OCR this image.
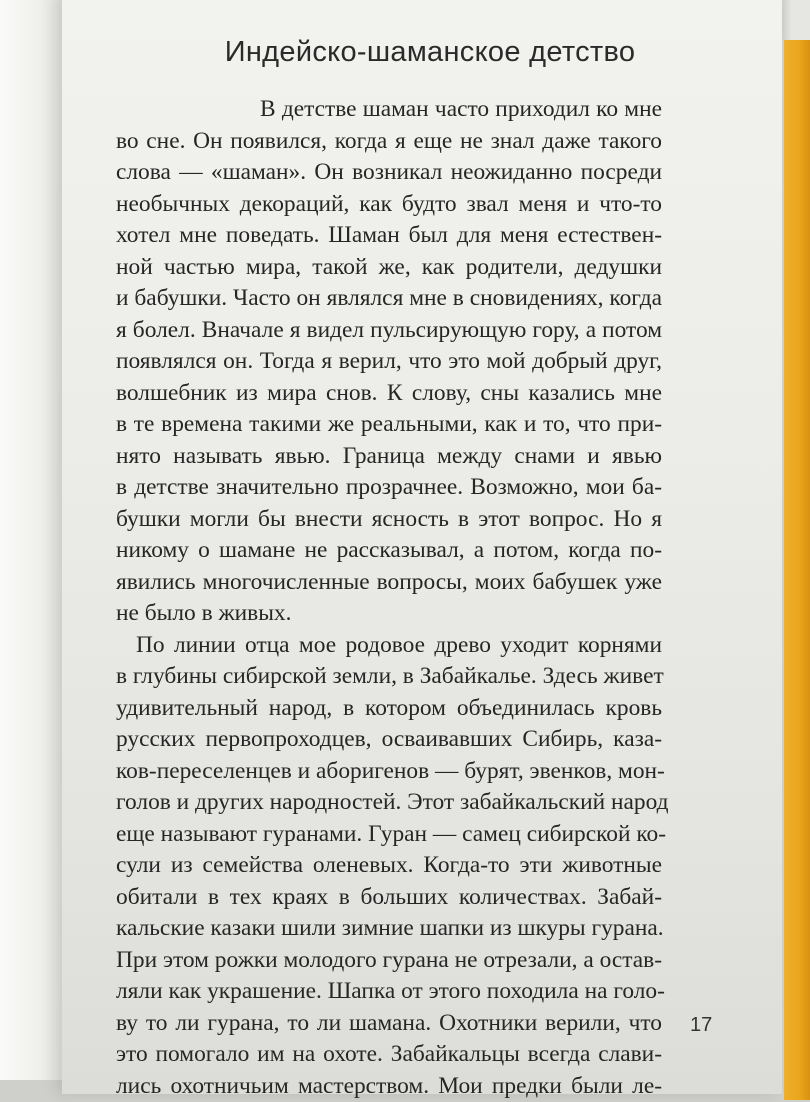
Индейско-шаманское детство
В детстве шаман часто приходил ко мне
во сне. Он появился, когда я еще не знал даже такого
слова — «шаман». Он возникал неожиданно посреди
необычных декораций, как будто звал меня и что-то
хотел мне поведать. Шаман был для меня естествен-
ной частью мира, такой же, как родители, дедушки
и бабушки. Часто он являлся мне в сновидениях, когда
я болел. Вначале я видел пульсирующую гору, а потом
появлялся он. Тогда я верил, что это мой добрый друг,
волшебник из мира снов. К слову, сны казались мне
в те времена такими же реальными, как и то, что при-
нято называть явью. Граница между снами и явью
в детстве значительно прозрачнее. Возможно, мои ба-
бушки могли бы внести ясность в этот вопрос. Но я
никому о шамане не рассказывал, а потом, когда по-
явились многочисленные вопросы, моих бабушек уже
не было в живых.
По линии отца мое родовое древо уходит корнями
в глубины сибирской земли, в Забайкалье. Здесь живет
удивительный народ, в котором объединилась кровь
русских первопроходцев, осваивавших Сибирь, каза-
ков-переселенцев и аборигенов — бурят, эвенков, мон-
голов и других народностей. Этот забайкальский народ
еще называют гуранами. Гуран — самец сибирской ко-
сули из семейства оленевых. Когда-то эти животные
обитали в тех краях в больших количествах. Забай-
кальские казаки шили зимние шапки из шкуры гурана.
При этом рожки молодого гурана не отрезали, а остав-
ляли как украшение. Шапка от этого походила на голо-
ву то ли гурана, то ли шамана. Охотники верили, что
это помогало им на охоте. Забайкальцы всегда слави-
лись охотничьим мастерством. Мои предки были ле-
17
